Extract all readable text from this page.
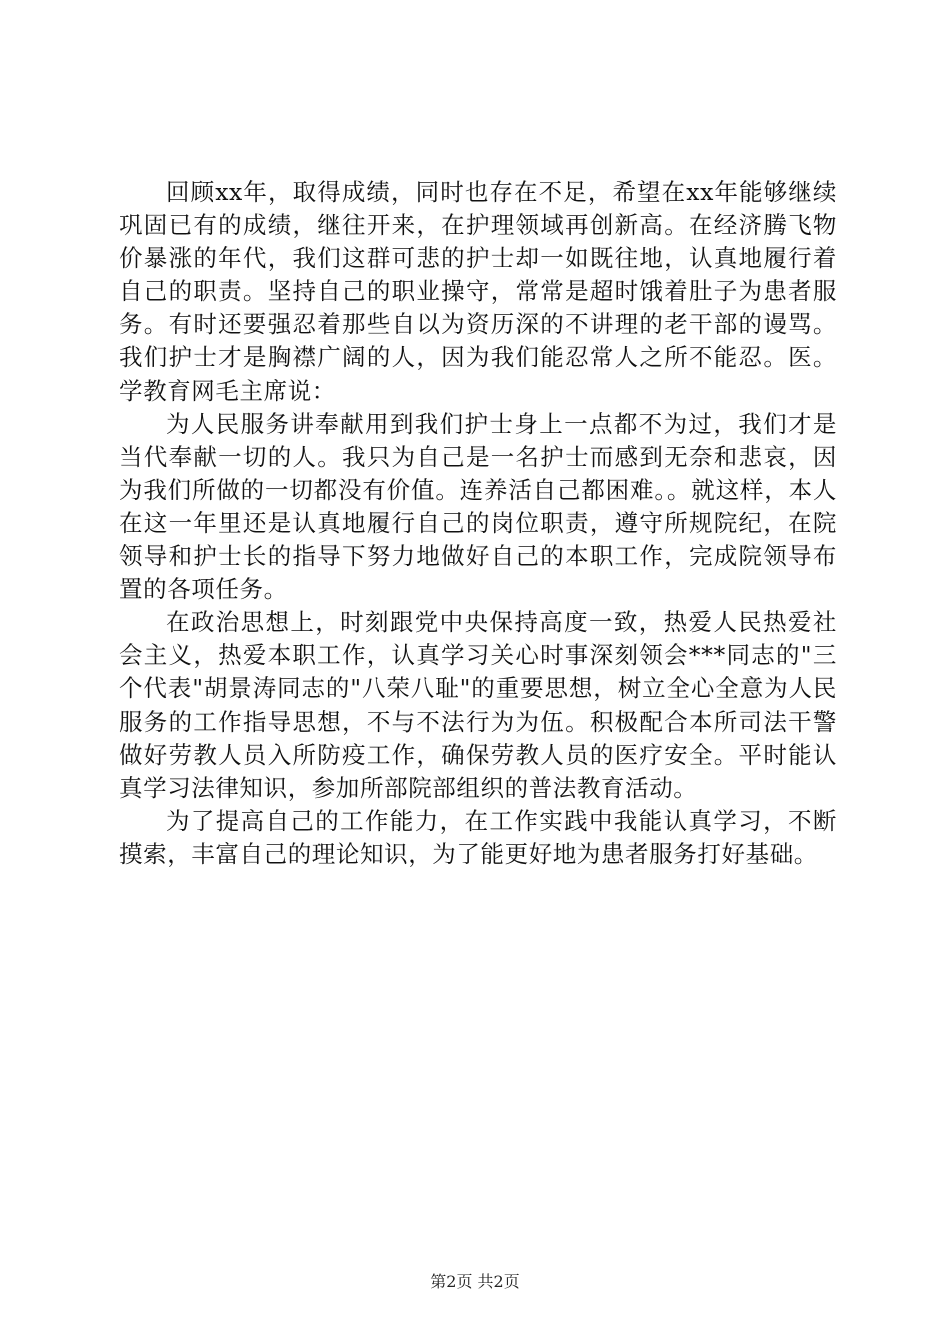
回顾xx年，取得成绩，同时也存在不足，希望在xx年能够继续巩固已有的成绩，继往开来，在护理领域再创新高。在经济腾飞物价暴涨的年代，我们这群可悲的护士却一如既往地，认真地履行着自己的职责。坚持自己的职业操守，常常是超时饿着肚子为患者服务。有时还要强忍着那些自以为资历深的不讲理的老干部的谩骂。我们护士才是胸襟广阔的人，因为我们能忍常人之所不能忍。医。学教育网毛主席说：

为人民服务讲奉献用到我们护士身上一点都不为过，我们才是当代奉献一切的人。我只为自己是一名护士而感到无奈和悲哀，因为我们所做的一切都没有价值。连养活自己都困难。。就这样，本人在这一年里还是认真地履行自己的岗位职责，遵守所规院纪，在院领导和护士长的指导下努力地做好自己的本职工作，完成院领导布置的各项任务。

在政治思想上，时刻跟党中央保持高度一致，热爱人民热爱社会主义，热爱本职工作，认真学习关心时事深刻领会***同志的"三个代表"胡景涛同志的"八荣八耻"的重要思想，树立全心全意为人民服务的工作指导思想，不与不法行为为伍。积极配合本所司法干警做好劳教人员入所防疫工作，确保劳教人员的医疗安全。平时能认真学习法律知识，参加所部院部组织的普法教育活动。

为了提高自己的工作能力，在工作实践中我能认真学习，不断摸索，丰富自己的理论知识，为了能更好地为患者服务打好基础。

第2页 共2页
